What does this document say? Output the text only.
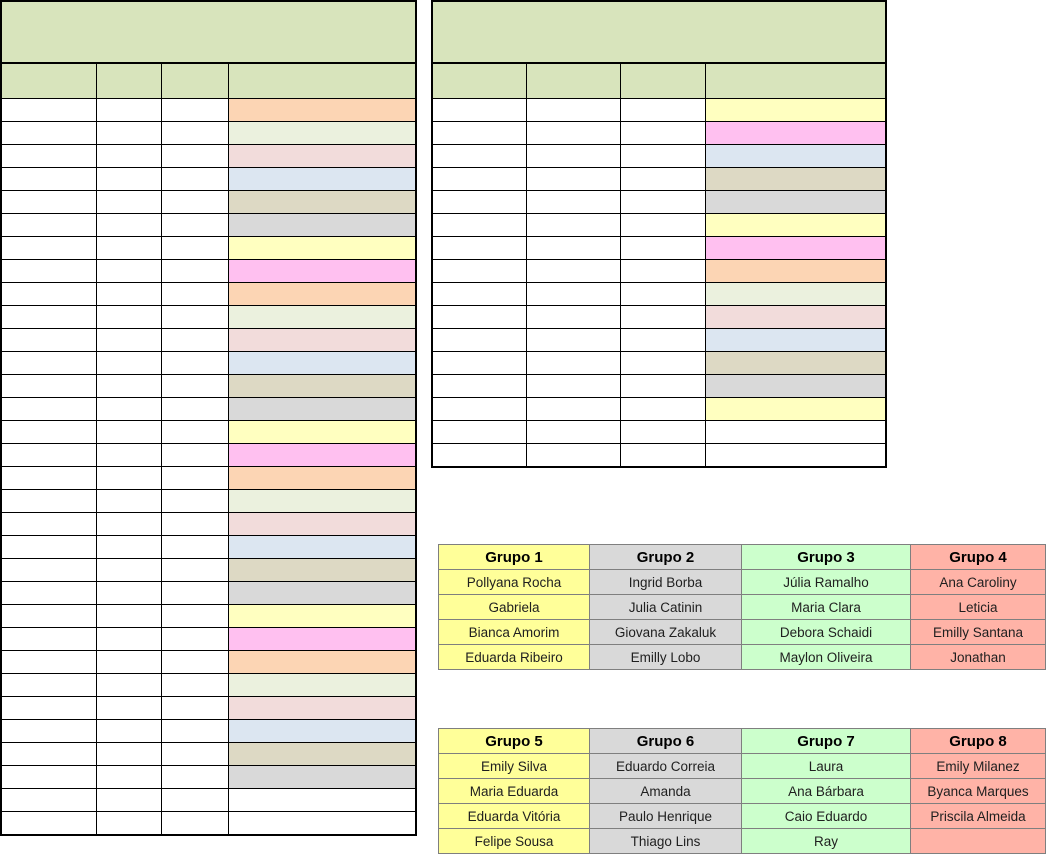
Grupo 1	Grupo 2	Grupo 3	Grupo 4
Pollyana Rocha	Ingrid Borba	Júlia Ramalho	Ana Caroliny
Gabriela	Julia Catinin	Maria Clara	Leticia
Bianca Amorim	Giovana Zakaluk	Debora Schaidi	Emilly Santana
Eduarda Ribeiro	Emilly Lobo	Maylon Oliveira	Jonathan
Grupo 5	Grupo 6	Grupo 7	Grupo 8
Emily Silva	Eduardo Correia	Laura	Emily Milanez
Maria Eduarda	Amanda	Ana Bárbara	Byanca Marques
Eduarda Vitória	Paulo Henrique	Caio Eduardo	Priscila Almeida
Felipe Sousa	Thiago Lins	Ray	
